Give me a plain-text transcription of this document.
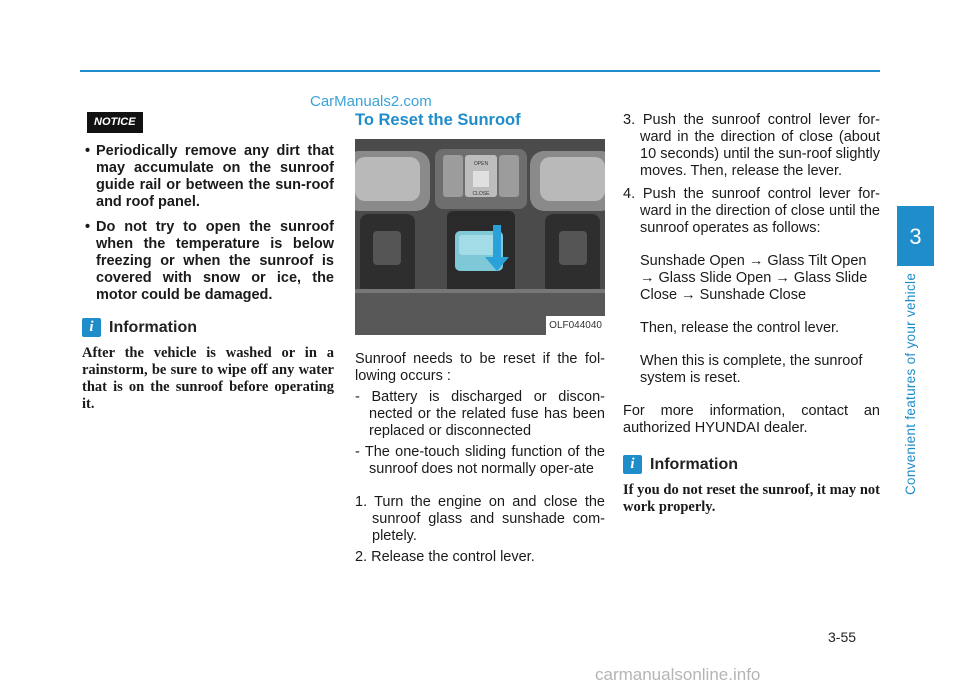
CarManuals2.com
3
Convenient features of your vehicle
NOTICE
• Periodically remove any dirt that may accumulate on the sunroof guide rail or between the sun-roof and roof panel.
• Do not try to open the sunroof when the temperature is below freezing or when the sunroof is covered with snow or ice, the motor could be damaged.
i Information

After the vehicle is washed or in a rainstorm, be sure to wipe off any water that is on the sunroof before operating it.

To Reset the Sunroof
OPEN
CLOSE
OLF044040

Sunroof needs to be reset if the fol-lowing occurs :

- Battery is discharged or discon-nected or the related fuse has been replaced or disconnected

- The one-touch sliding function of the sunroof does not normally oper-ate

1. Turn the engine on and close the sunroof glass and sunshade com-pletely.

2. Release the control lever.

3. Push the sunroof control lever for-ward in the direction of close (about 10 seconds) until the sun-roof slightly moves. Then, release the lever.

4. Push the sunroof control lever for-ward in the direction of close until the sunroof operates as follows:

Sunshade Open → Glass Tilt Open → Glass Slide Open → Glass Slide Close → Sunshade Close

Then, release the control lever.

When this is complete, the sunroof system is reset.

For more information, contact an authorized HYUNDAI dealer.

i Information

If you do not reset the sunroof, it may not work properly.

3-55
carmanualsonline.info
